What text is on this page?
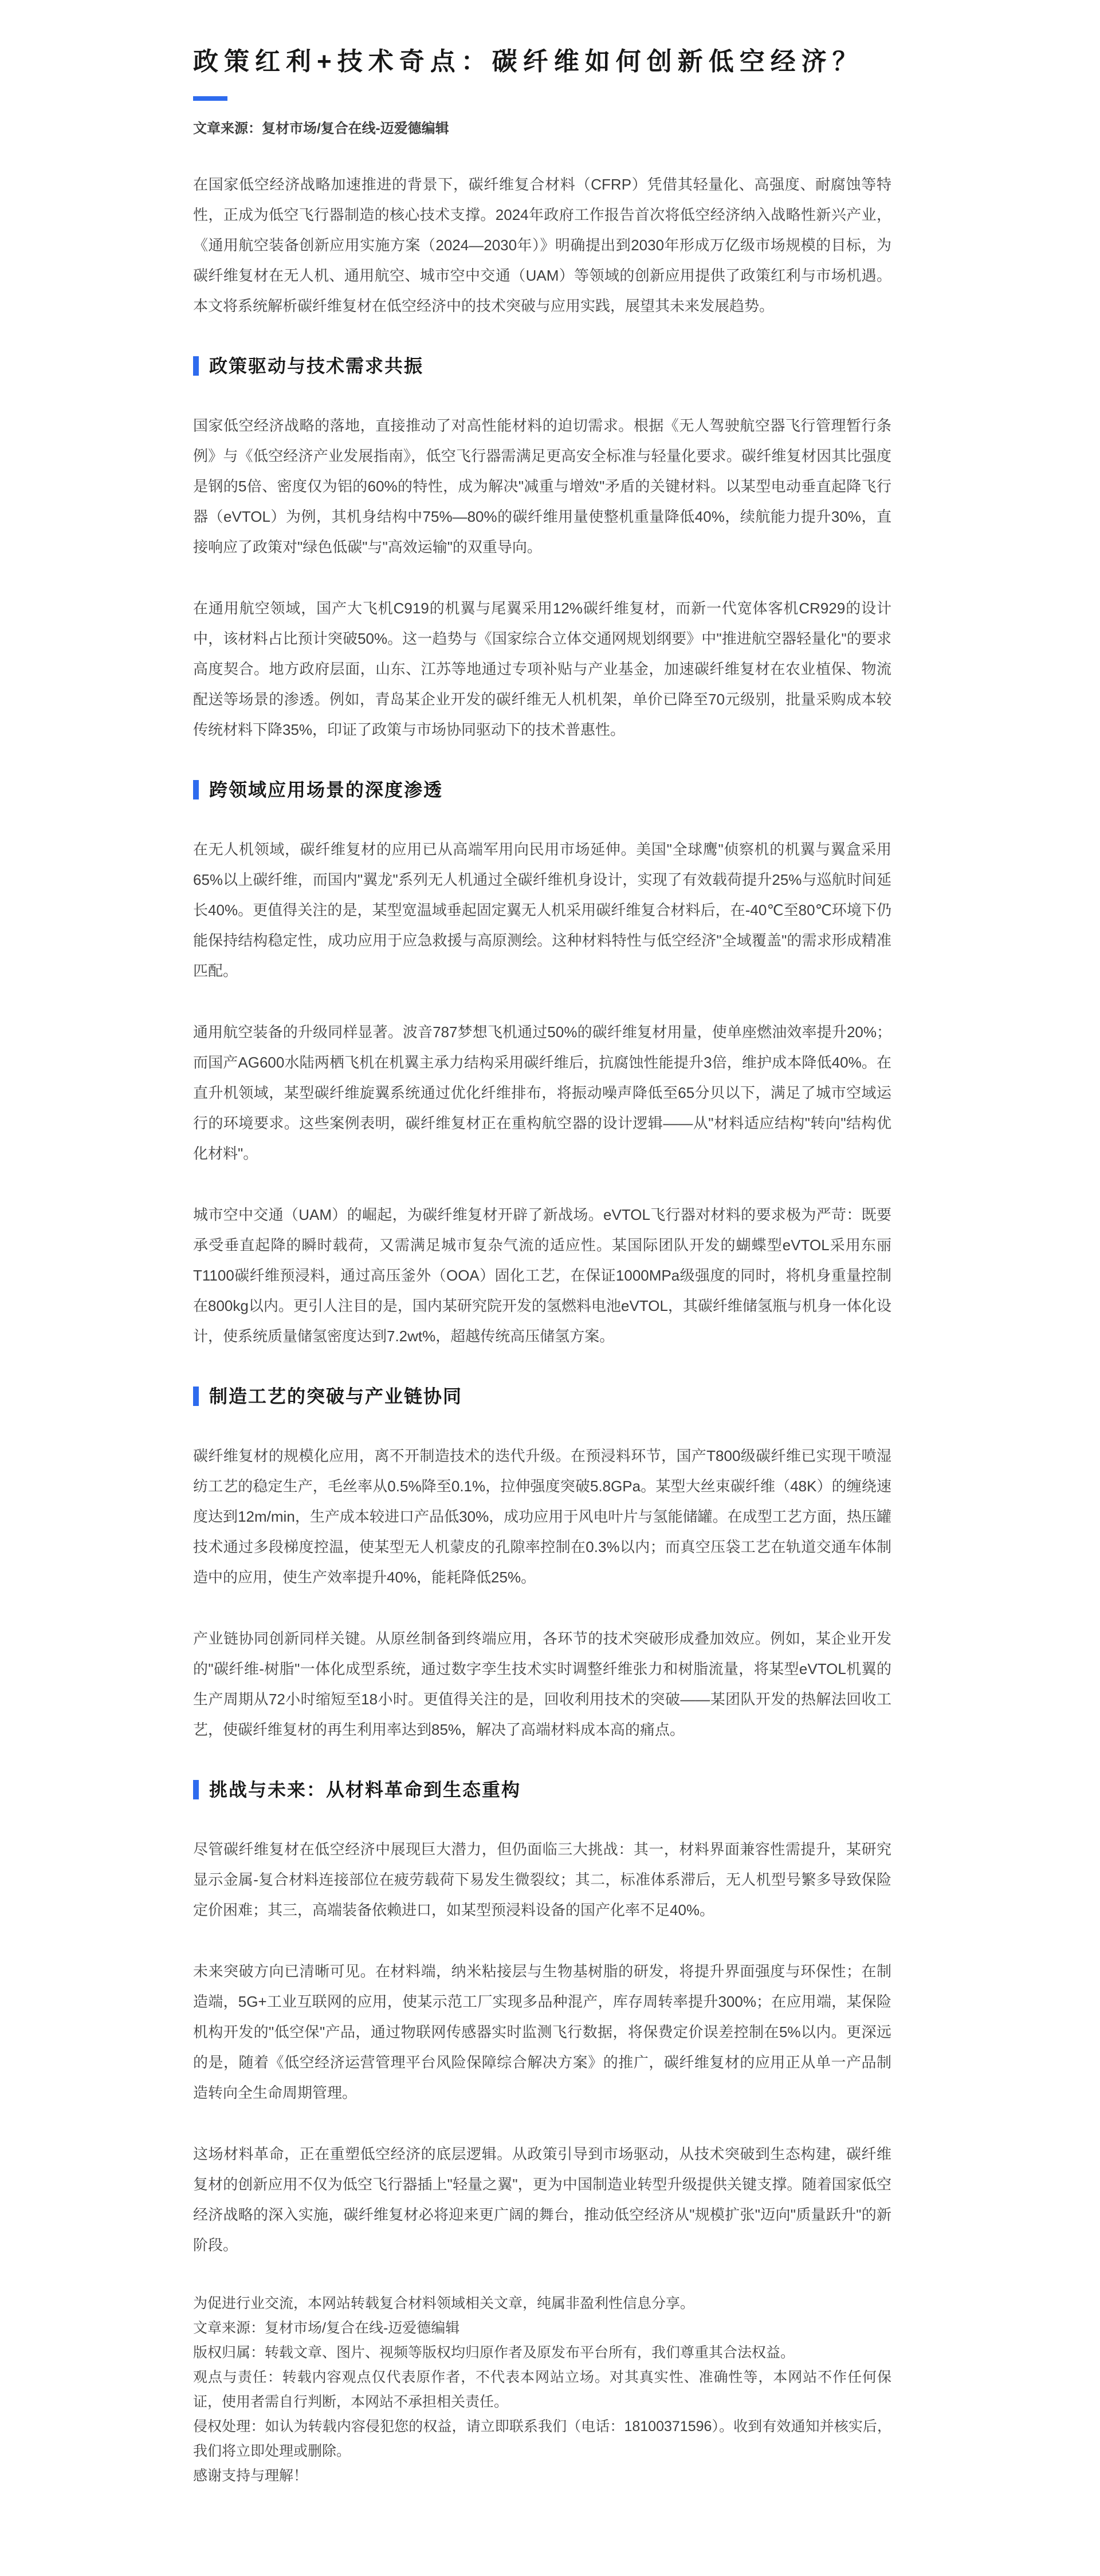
政策红利+技术奇点：碳纤维如何创新低空经济？

文章来源：复材市场/复合在线-迈爱德编辑

在国家低空经济战略加速推进的背景下，碳纤维复合材料（CFRP）凭借其轻量化、高强度、耐腐蚀等特性，正成为低空飞行器制造的核心技术支撑。2024年政府工作报告首次将低空经济纳入战略性新兴产业，《通用航空装备创新应用实施方案（2024—2030年）》明确提出到2030年形成万亿级市场规模的目标，为碳纤维复材在无人机、通用航空、城市空中交通（UAM）等领域的创新应用提供了政策红利与市场机遇。本文将系统解析碳纤维复材在低空经济中的技术突破与应用实践，展望其未来发展趋势。

政策驱动与技术需求共振

国家低空经济战略的落地，直接推动了对高性能材料的迫切需求。根据《无人驾驶航空器飞行管理暂行条例》与《低空经济产业发展指南》，低空飞行器需满足更高安全标准与轻量化要求。碳纤维复材因其比强度是钢的5倍、密度仅为铝的60%的特性，成为解决"减重与增效"矛盾的关键材料。以某型电动垂直起降飞行器（eVTOL）为例，其机身结构中75%—80%的碳纤维用量使整机重量降低40%，续航能力提升30%，直接响应了政策对"绿色低碳"与"高效运输"的双重导向。

在通用航空领域，国产大飞机C919的机翼与尾翼采用12%碳纤维复材，而新一代宽体客机CR929的设计中，该材料占比预计突破50%。这一趋势与《国家综合立体交通网规划纲要》中"推进航空器轻量化"的要求高度契合。地方政府层面，山东、江苏等地通过专项补贴与产业基金，加速碳纤维复材在农业植保、物流配送等场景的渗透。例如，青岛某企业开发的碳纤维无人机机架，单价已降至70元级别，批量采购成本较传统材料下降35%，印证了政策与市场协同驱动下的技术普惠性。

跨领域应用场景的深度渗透

在无人机领域，碳纤维复材的应用已从高端军用向民用市场延伸。美国"全球鹰"侦察机的机翼与翼盒采用65%以上碳纤维，而国内"翼龙"系列无人机通过全碳纤维机身设计，实现了有效载荷提升25%与巡航时间延长40%。更值得关注的是，某型宽温域垂起固定翼无人机采用碳纤维复合材料后，在-40℃至80℃环境下仍能保持结构稳定性，成功应用于应急救援与高原测绘。这种材料特性与低空经济"全域覆盖"的需求形成精准匹配。

通用航空装备的升级同样显著。波音787梦想飞机通过50%的碳纤维复材用量，使单座燃油效率提升20%；而国产AG600水陆两栖飞机在机翼主承力结构采用碳纤维后，抗腐蚀性能提升3倍，维护成本降低40%。在直升机领域，某型碳纤维旋翼系统通过优化纤维排布，将振动噪声降低至65分贝以下，满足了城市空域运行的环境要求。这些案例表明，碳纤维复材正在重构航空器的设计逻辑——从"材料适应结构"转向"结构优化材料"。

城市空中交通（UAM）的崛起，为碳纤维复材开辟了新战场。eVTOL飞行器对材料的要求极为严苛：既要承受垂直起降的瞬时载荷，又需满足城市复杂气流的适应性。某国际团队开发的蝴蝶型eVTOL采用东丽T1100碳纤维预浸料，通过高压釜外（OOA）固化工艺，在保证1000MPa级强度的同时，将机身重量控制在800kg以内。更引人注目的是，国内某研究院开发的氢燃料电池eVTOL，其碳纤维储氢瓶与机身一体化设计，使系统质量储氢密度达到7.2wt%，超越传统高压储氢方案。

制造工艺的突破与产业链协同

碳纤维复材的规模化应用，离不开制造技术的迭代升级。在预浸料环节，国产T800级碳纤维已实现干喷湿纺工艺的稳定生产，毛丝率从0.5%降至0.1%，拉伸强度突破5.8GPa。某型大丝束碳纤维（48K）的缠绕速度达到12m/min，生产成本较进口产品低30%，成功应用于风电叶片与氢能储罐。在成型工艺方面，热压罐技术通过多段梯度控温，使某型无人机蒙皮的孔隙率控制在0.3%以内；而真空压袋工艺在轨道交通车体制造中的应用，使生产效率提升40%，能耗降低25%。

产业链协同创新同样关键。从原丝制备到终端应用，各环节的技术突破形成叠加效应。例如，某企业开发的"碳纤维-树脂"一体化成型系统，通过数字孪生技术实时调整纤维张力和树脂流量，将某型eVTOL机翼的生产周期从72小时缩短至18小时。更值得关注的是，回收利用技术的突破——某团队开发的热解法回收工艺，使碳纤维复材的再生利用率达到85%，解决了高端材料成本高的痛点。

挑战与未来：从材料革命到生态重构

尽管碳纤维复材在低空经济中展现巨大潜力，但仍面临三大挑战：其一，材料界面兼容性需提升，某研究显示金属-复合材料连接部位在疲劳载荷下易发生微裂纹；其二，标准体系滞后，无人机型号繁多导致保险定价困难；其三，高端装备依赖进口，如某型预浸料设备的国产化率不足40%。

未来突破方向已清晰可见。在材料端，纳米粘接层与生物基树脂的研发，将提升界面强度与环保性；在制造端，5G+工业互联网的应用，使某示范工厂实现多品种混产，库存周转率提升300%；在应用端，某保险机构开发的"低空保"产品，通过物联网传感器实时监测飞行数据，将保费定价误差控制在5%以内。更深远的是，随着《低空经济运营管理平台风险保障综合解决方案》的推广，碳纤维复材的应用正从单一产品制造转向全生命周期管理。

这场材料革命，正在重塑低空经济的底层逻辑。从政策引导到市场驱动，从技术突破到生态构建，碳纤维复材的创新应用不仅为低空飞行器插上"轻量之翼"，更为中国制造业转型升级提供关键支撑。随着国家低空经济战略的深入实施，碳纤维复材必将迎来更广阔的舞台，推动低空经济从"规模扩张"迈向"质量跃升"的新阶段。

为促进行业交流，本网站转载复合材料领域相关文章，纯属非盈利性信息分享。

文章来源：复材市场/复合在线-迈爱德编辑

版权归属：转载文章、图片、视频等版权均归原作者及原发布平台所有，我们尊重其合法权益。

观点与责任：转载内容观点仅代表原作者，不代表本网站立场。对其真实性、准确性等，本网站不作任何保证，使用者需自行判断，本网站不承担相关责任。

侵权处理：如认为转载内容侵犯您的权益，请立即联系我们（电话：18100371596）。收到有效通知并核实后，我们将立即处理或删除。

感谢支持与理解！
